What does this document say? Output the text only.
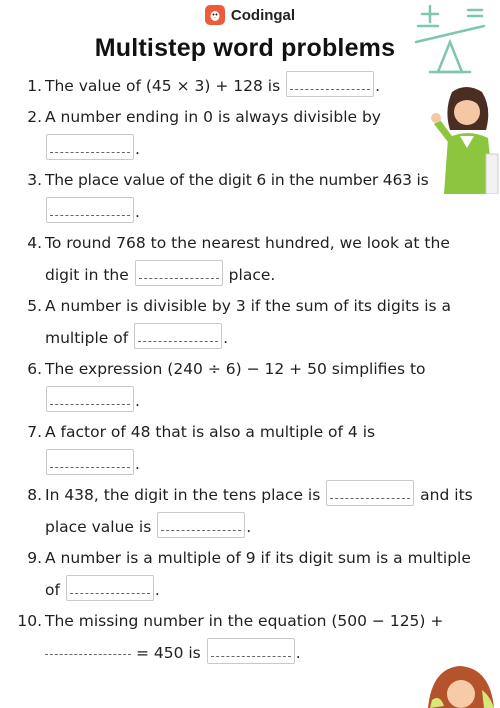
Codingal
Multistep word problems
1. The value of (45 × 3) + 128 is	.
2. A number ending in 0 is always divisible by
.
3. The place value of the digit 6 in the number 463 is
.
4. To round 768 to the nearest hundred, we look at the digit in the	place.
5. A number is divisible by 3 if the sum of its digits is a multiple of	.
6. The expression (240 ÷ 6) − 12 + 50 simplifies to
.
7. A factor of 48 that is also a multiple of 4 is
.
8. In 438, the digit in the tens place is	and its place value is	.
9. A number is a multiple of 9 if its digit sum is a multiple of	.
10. The missing number in the equation (500 − 125) +
= 450 is	.
